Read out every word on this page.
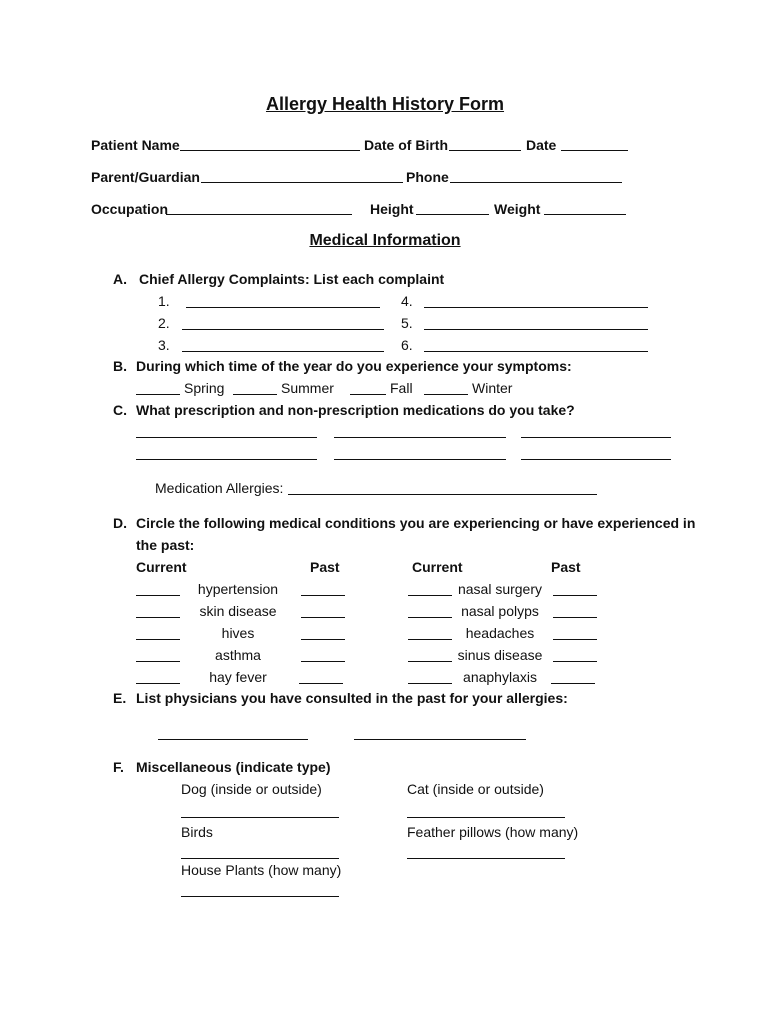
Allergy Health History Form
Patient Name	Date of Birth	Date
Parent/Guardian	Phone
Occupation	Height	Weight
Medical Information
A. Chief Allergy Complaints: List each complaint
1.
2.
3.
4.
5.
6.
B. During which time of the year do you experience your symptoms:
Spring	Summer	Fall	Winter
C. What prescription and non-prescription medications do you take?
Medication Allergies:
D. Circle the following medical conditions you are experiencing or have experienced in
the past:
Current	Past	Current	Past
hypertension	nasal surgery
skin disease	nasal polyps
hives	headaches
asthma	sinus disease
hay fever	anaphylaxis
E. List physicians you have consulted in the past for your allergies:
F. Miscellaneous (indicate type)
Dog (inside or outside)	Cat (inside or outside)
Birds	Feather pillows (how many)
House Plants (how many)
